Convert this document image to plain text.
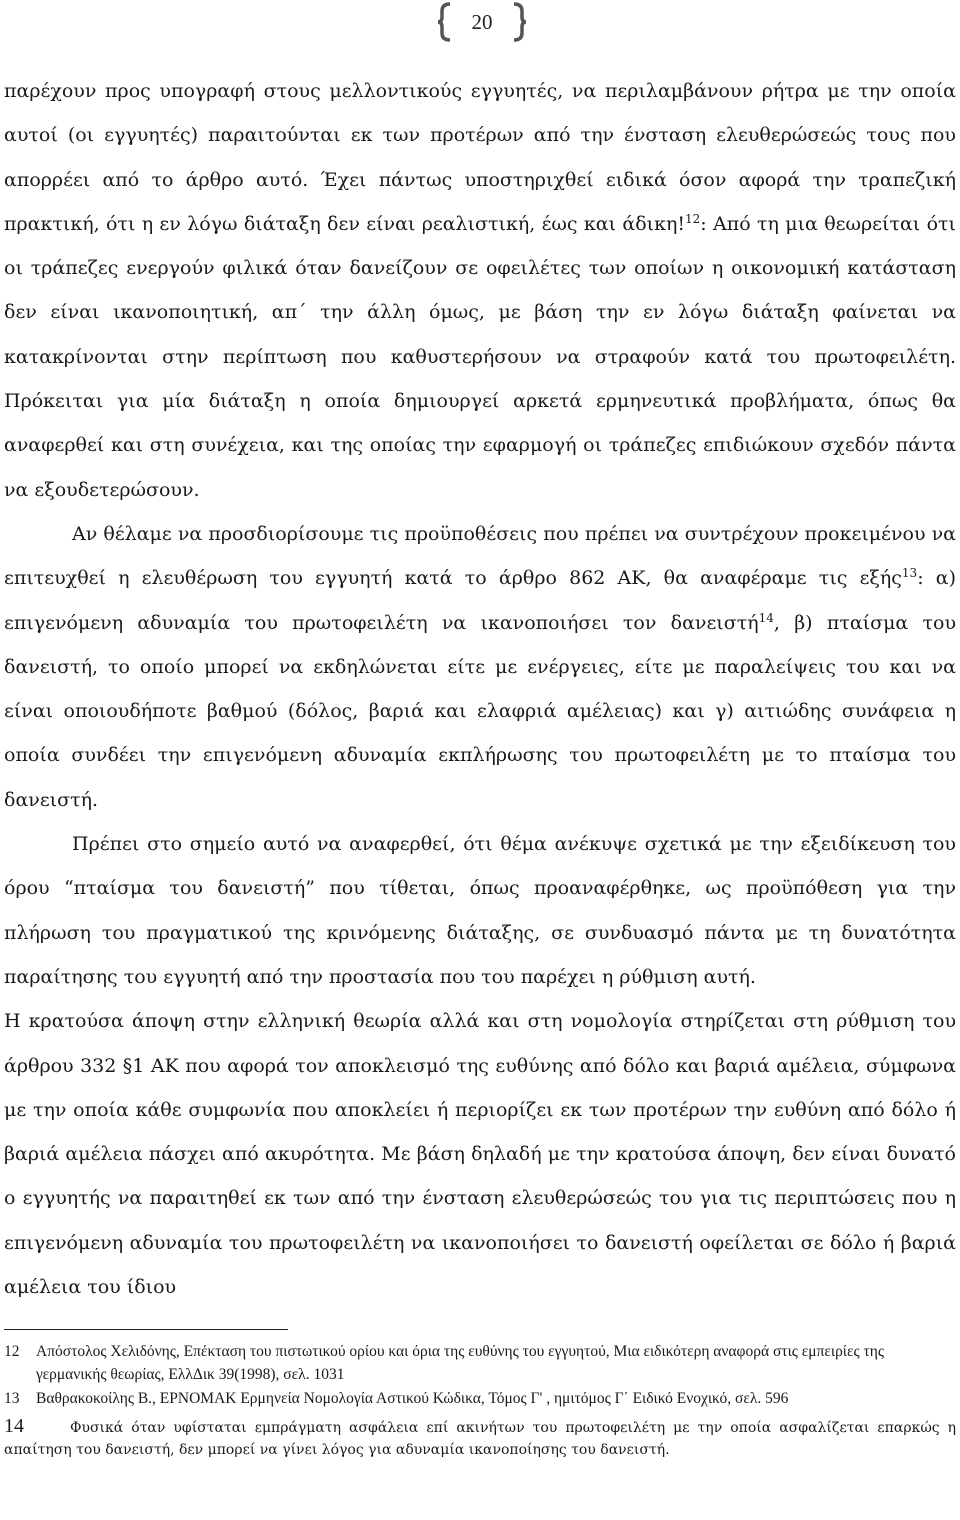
20

παρέχουν προς υπογραφή στους μελλοντικούς εγγυητές, να περιλαμβάνουν ρήτρα με την οποία αυτοί (οι εγγυητές) παραιτούνται εκ των προτέρων από την ένσταση ελευθερώσεώς τους που απορρέει από το άρθρο αυτό. Έχει πάντως υποστηριχθεί ειδικά όσον αφορά την τραπεζική πρακτική, ότι η εν λόγω διάταξη δεν είναι ρεαλιστική, έως και άδικη!$^{12}$: Από τη μια θεωρείται ότι οι τράπεζες ενεργούν φιλικά όταν δανείζουν σε οφειλέτες των οποίων η οικονομική κατάσταση δεν είναι ικανοποιητική, απ΄ την άλλη όμως, με βάση την εν λόγω διάταξη φαίνεται να κατακρίνονται στην περίπτωση που καθυστερήσουν να στραφούν κατά του πρωτοφειλέτη. Πρόκειται για μία διάταξη η οποία δημιουργεί αρκετά ερμηνευτικά προβλήματα, όπως θα αναφερθεί και στη συνέχεια, και της οποίας την εφαρμογή οι τράπεζες επιδιώκουν σχεδόν πάντα να εξουδετερώσουν.

Αν θέλαμε να προσδιορίσουμε τις προϋποθέσεις που πρέπει να συντρέχουν προκειμένου να επιτευχθεί η ελευθέρωση του εγγυητή κατά το άρθρο 862 ΑΚ, θα αναφέραμε τις εξής$^{13}$: α) επιγενόμενη αδυναμία του πρωτοφειλέτη να ικανοποιήσει τον δανειστή$^{14}$, β) πταίσμα του δανειστή, το οποίο μπορεί να εκδηλώνεται είτε με ενέργειες, είτε με παραλείψεις του και να είναι οποιουδήποτε βαθμού (δόλος, βαριά και ελαφριά αμέλειας) και γ) αιτιώδης συνάφεια η οποία συνδέει την επιγενόμενη αδυναμία εκπλήρωσης του πρωτοφειλέτη με το πταίσμα του δανειστή.

Πρέπει στο σημείο αυτό να αναφερθεί, ότι θέμα ανέκυψε σχετικά με την εξειδίκευση του όρου “πταίσμα του δανειστή” που τίθεται, όπως προαναφέρθηκε, ως προϋπόθεση για την πλήρωση του πραγματικού της κρινόμενης διάταξης, σε συνδυασμό πάντα με τη δυνατότητα παραίτησης του εγγυητή από την προστασία που του παρέχει η ρύθμιση αυτή.

Η κρατούσα άποψη στην ελληνική θεωρία αλλά και στη νομολογία στηρίζεται στη ρύθμιση του άρθρου 332 §1 ΑΚ που αφορά τον αποκλεισμό της ευθύνης από δόλο και βαριά αμέλεια, σύμφωνα με την οποία κάθε συμφωνία που αποκλείει ή περιορίζει εκ των προτέρων την ευθύνη από δόλο ή βαριά αμέλεια πάσχει από ακυρότητα. Με βάση δηλαδή με την κρατούσα άποψη, δεν είναι δυνατό ο εγγυητής να παραιτηθεί εκ των από την ένσταση ελευθερώσεώς του για τις περιπτώσεις που η επιγενόμενη αδυναμία του πρωτοφειλέτη να ικανοποιήσει το δανειστή οφείλεται σε δόλο ή βαριά αμέλεια του ίδιου

12	Απόστολος Χελιδόνης, Επέκταση του πιστωτικού ορίου και όρια της ευθύνης του εγγυητού, Μια ειδικότερη αναφορά στις εμπειρίες της γερμανικής θεωρίας, ΕλλΔικ 39(1998), σελ. 1031
13	Βαθρακοκοίλης Β., ΕΡΝΟΜΑΚ Ερμηνεία Νομολογία Αστικού Κώδικα, Τόμος Γ' , ημιτόμος Γ΄ Ειδικό Ενοχικό, σελ. 596
14	Φυσικά όταν υφίσταται εμπράγματη ασφάλεια επί ακινήτων του πρωτοφειλέτη με την οποία ασφαλίζεται επαρκώς η απαίτηση του δανειστή, δεν μπορεί να γίνει λόγος για αδυναμία ικανοποίησης του δανειστή.
